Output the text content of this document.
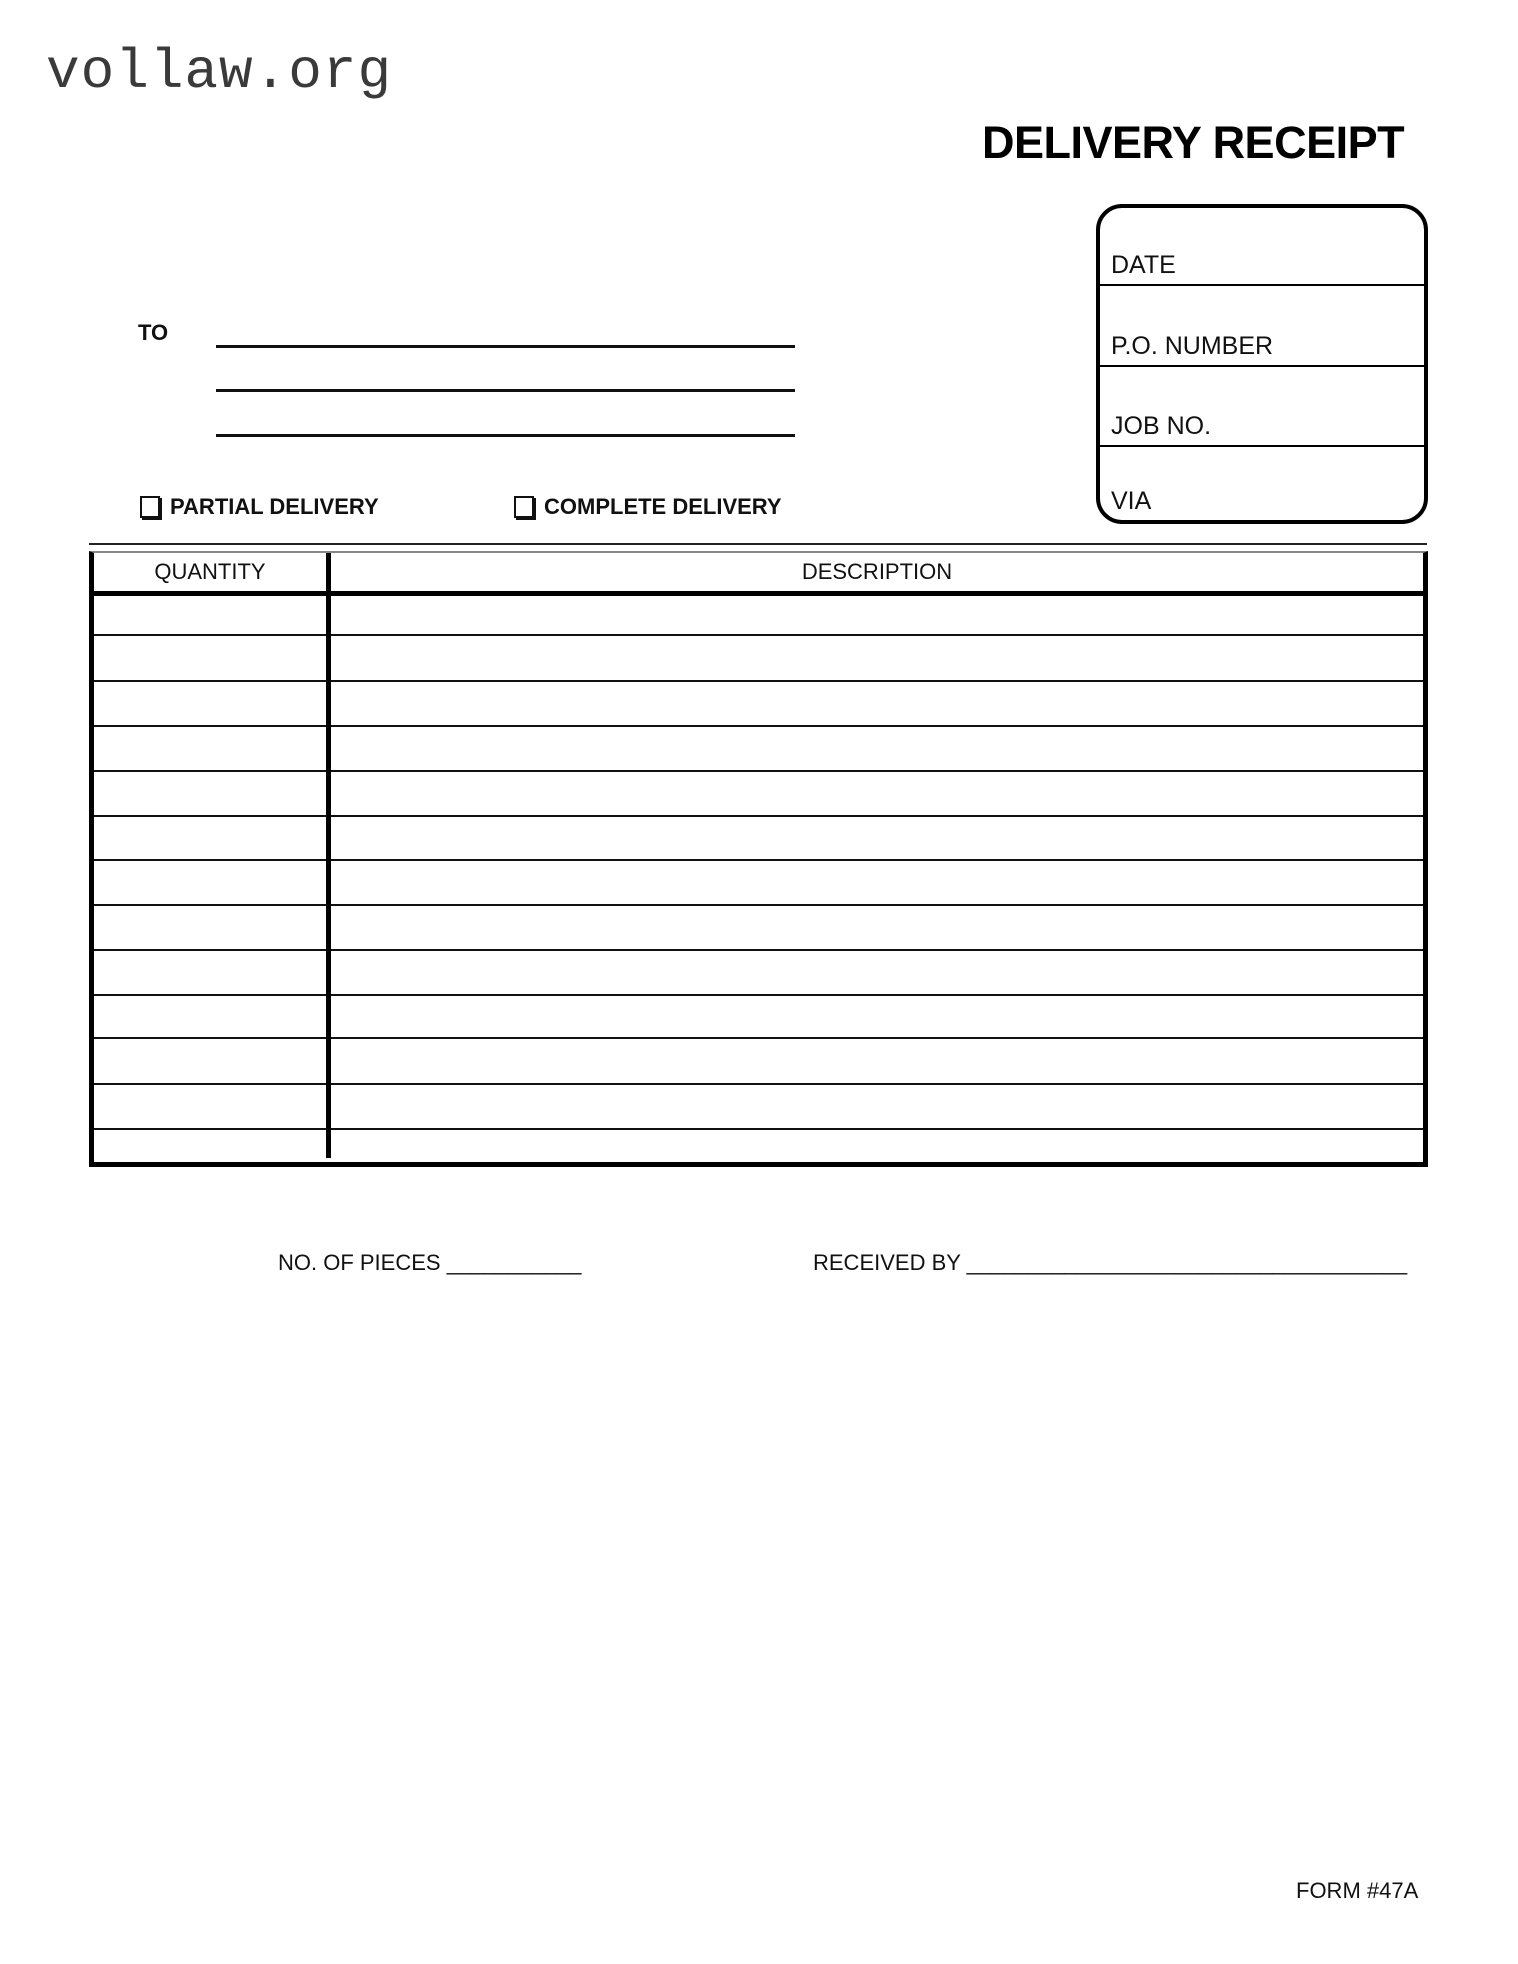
vollaw.org
DELIVERY RECEIPT
DATE
P.O. NUMBER
JOB NO.
VIA
TO
PARTIAL DELIVERY	COMPLETE DELIVERY
QUANTITY	DESCRIPTION
NO. OF PIECES ___________	RECEIVED BY ____________________________________
FORM #47A
